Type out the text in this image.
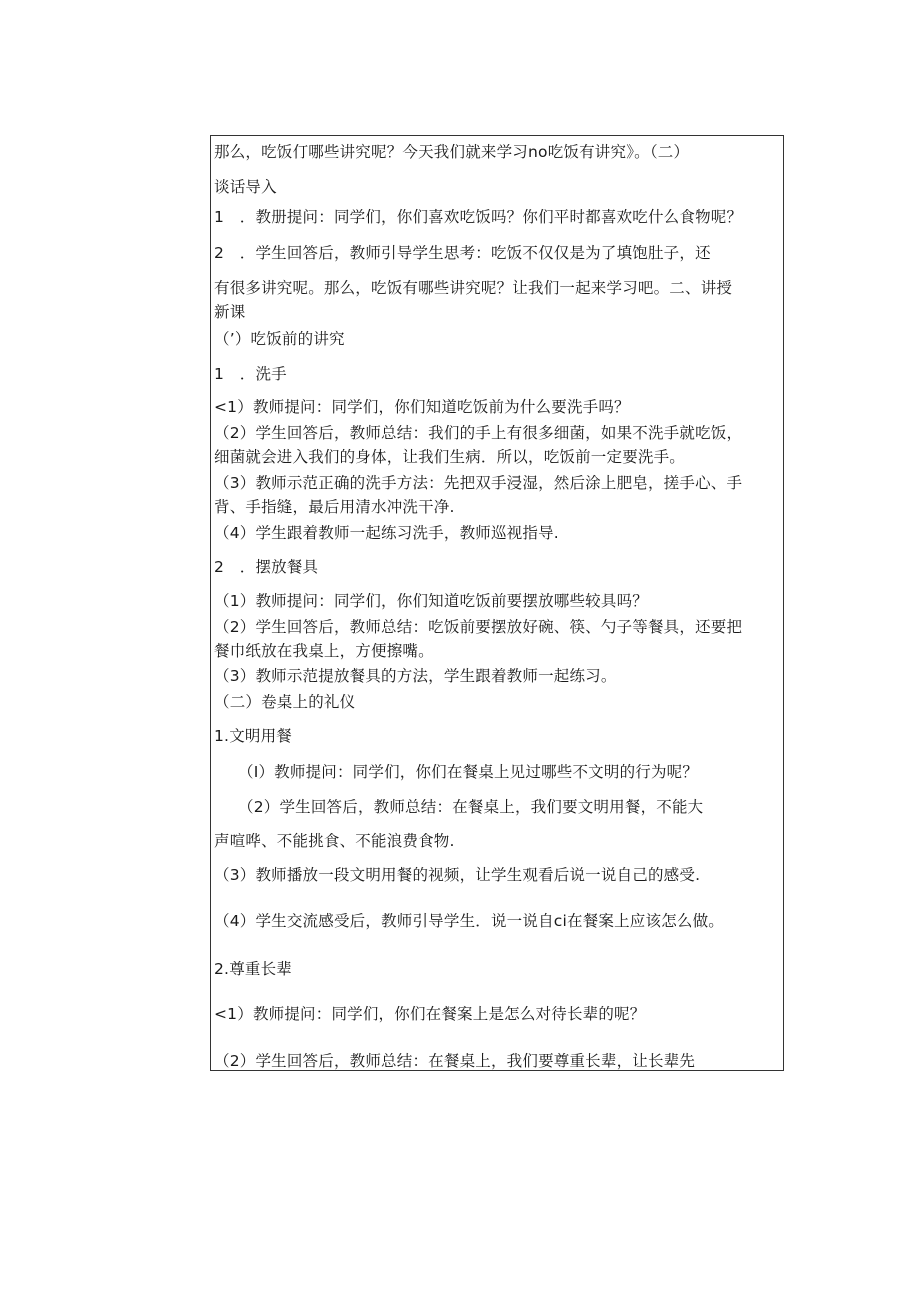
那么，吃饭仃哪些讲究呢？今天我们就来学习no吃饭有讲究》。（二）
谈话导入
1　．教册提问：同学们，你们喜欢吃饭吗？你们平时都喜欢吃什么食物呢？
2　．学生回答后，教师引导学生思考：吃饭不仅仅是为了填饱肚子，还
有很多讲究呢。那么，吃饭有哪些讲究呢？让我们一起来学习吧。二、讲授
新课
（’）吃饭前的讲究
1　．洗手
<1）教师提问：同学们，你们知道吃饭前为什么要洗手吗？
（2）学生回答后，教师总结：我们的手上有很多细菌，如果不洗手就吃饭，
细菌就会进入我们的身体，让我们生病．所以，吃饭前一定要洗手。
（3）教师示范正确的洗手方法：先把双手浸湿，然后涂上肥皂，搓手心、手
背、手指缝，最后用清水冲洗干净.
（4）学生跟着教师一起练习洗手，教师巡视指导.
2　．摆放餐具
（1）教师提问：同学们，你们知道吃饭前要摆放哪些较具吗？
（2）学生回答后，教师总结：吃饭前要摆放好碗、筷、勺子等餐具，还要把
餐巾纸放在我桌上，方便擦嘴。
（3）教师示范提放餐具的方法，学生跟着教师一起练习。
（二）卷桌上的礼仪
1.文明用餐
（I）教师提问：同学们，你们在餐桌上见过哪些不文明的行为呢？
（2）学生回答后，教师总结：在餐桌上，我们要文明用餐，不能大
声喧哗、不能挑食、不能浪费食物.
（3）教师播放一段文明用餐的视频，让学生观看后说一说自己的感受.
（4）学生交流感受后，教师引导学生．说一说自ci在餐案上应该怎么做。
2.尊重长辈
<1）教师提问：同学们，你们在餐案上是怎么对待长辈的呢？
（2）学生回答后，教师总结：在餐桌上，我们要尊重长辈，让长辈先
